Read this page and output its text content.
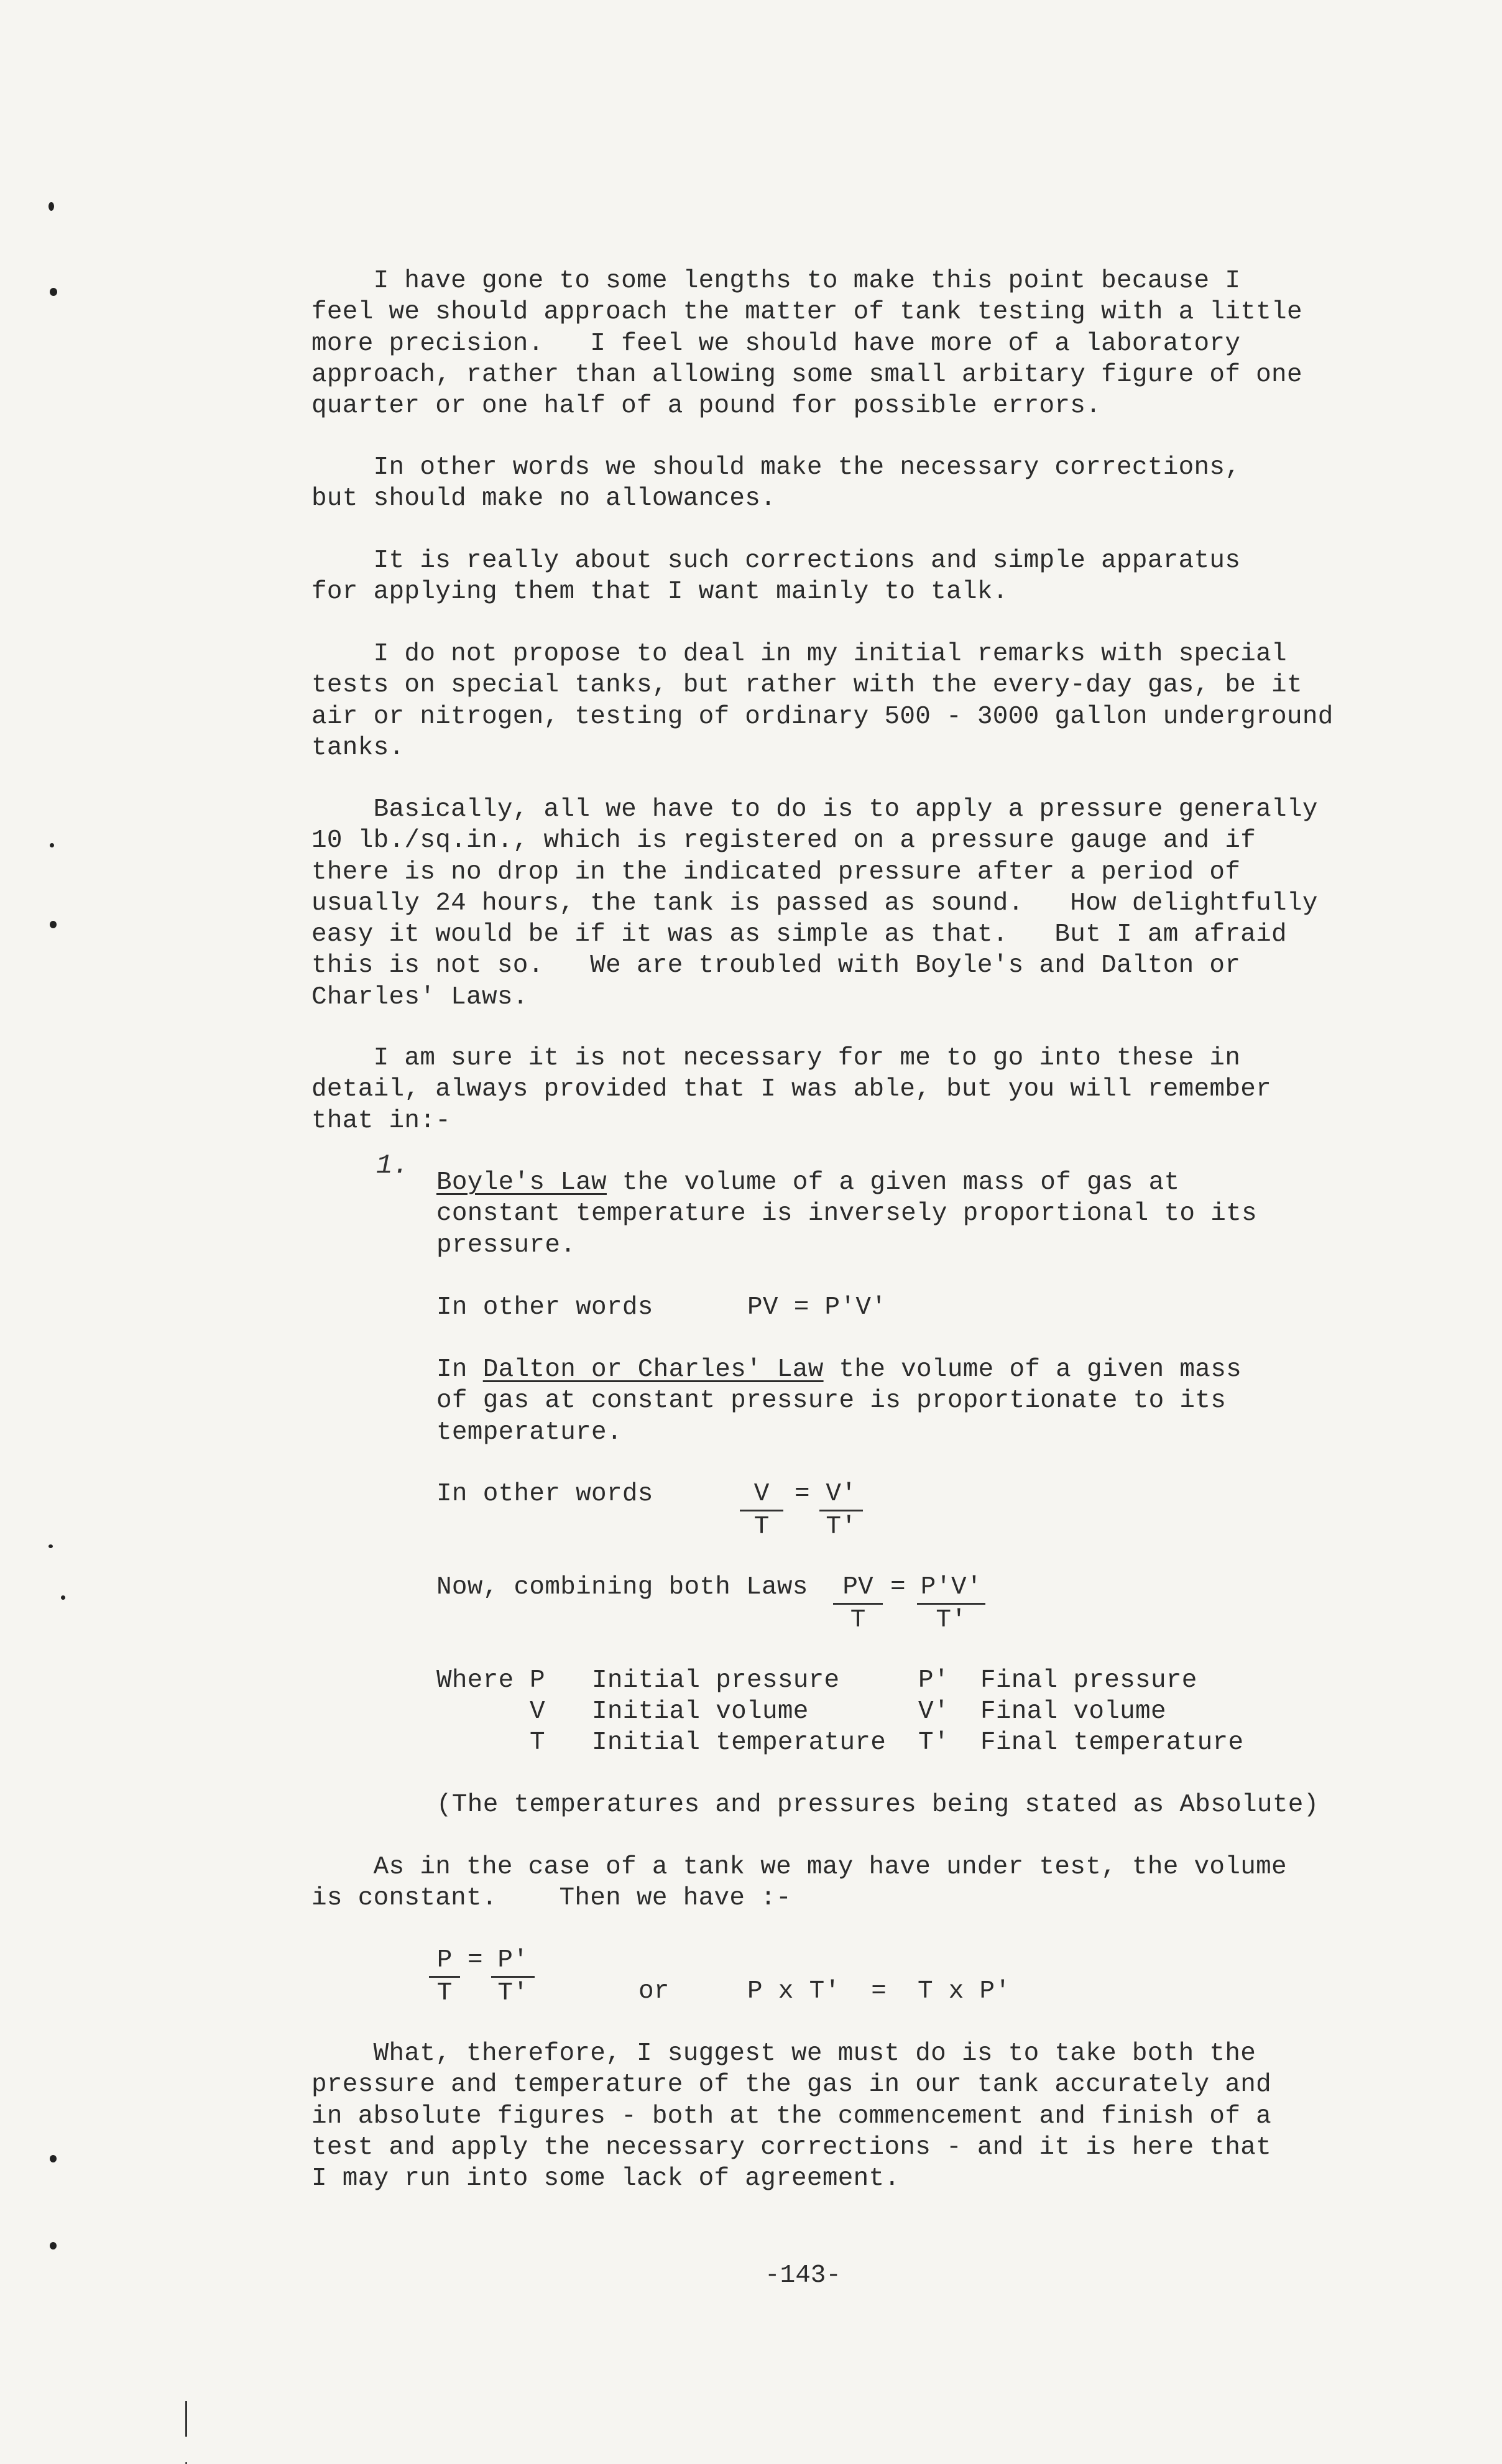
I have gone to some lengths to make this point because I
feel we should approach the matter of tank testing with a little
more precision.   I feel we should have more of a laboratory
approach, rather than allowing some small arbitary figure of one
quarter or one half of a pound for possible errors.
In other words we should make the necessary corrections,
but should make no allowances.
It is really about such corrections and simple apparatus
for applying them that I want mainly to talk.
I do not propose to deal in my initial remarks with special
tests on special tanks, but rather with the every-day gas, be it
air or nitrogen, testing of ordinary 500 - 3000 gallon underground
tanks.
Basically, all we have to do is to apply a pressure generally
10 lb./sq.in., which is registered on a pressure gauge and if
there is no drop in the indicated pressure after a period of
usually 24 hours, the tank is passed as sound.   How delightfully
easy it would be if it was as simple as that.   But I am afraid
this is not so.   We are troubled with Boyle's and Dalton or
Charles' Laws.
I am sure it is not necessary for me to go into these in
detail, always provided that I was able, but you will remember
that in:-
1.
Boyle's Law the volume of a given mass of gas at
constant temperature is inversely proportional to its
pressure.
In other words	PV = P'V'
In Dalton or Charles' Law the volume of a given mass
of gas at constant pressure is proportionate to its
temperature.
In other words	$\frac{V}{T} = \frac{V'}{T'}$
Now, combining both Laws $\frac{PV}{T} = \frac{P'V'}{T'}$
Where P Initial pressure	P' Final pressure
V Initial volume	V' Final volume
T Initial temperature T' Final temperature
(The temperatures and pressures being stated as Absolute)
As in the case of a tank we may have under test, the volume
is constant.    Then we have :-
$\frac{P}{T} = \frac{P'}{T'}$	or	P x T'  =  T x P'
What, therefore, I suggest we must do is to take both the
pressure and temperature of the gas in our tank accurately and
in absolute figures - both at the commencement and finish of a
test and apply the necessary corrections - and it is here that
I may run into some lack of agreement.
-143-
